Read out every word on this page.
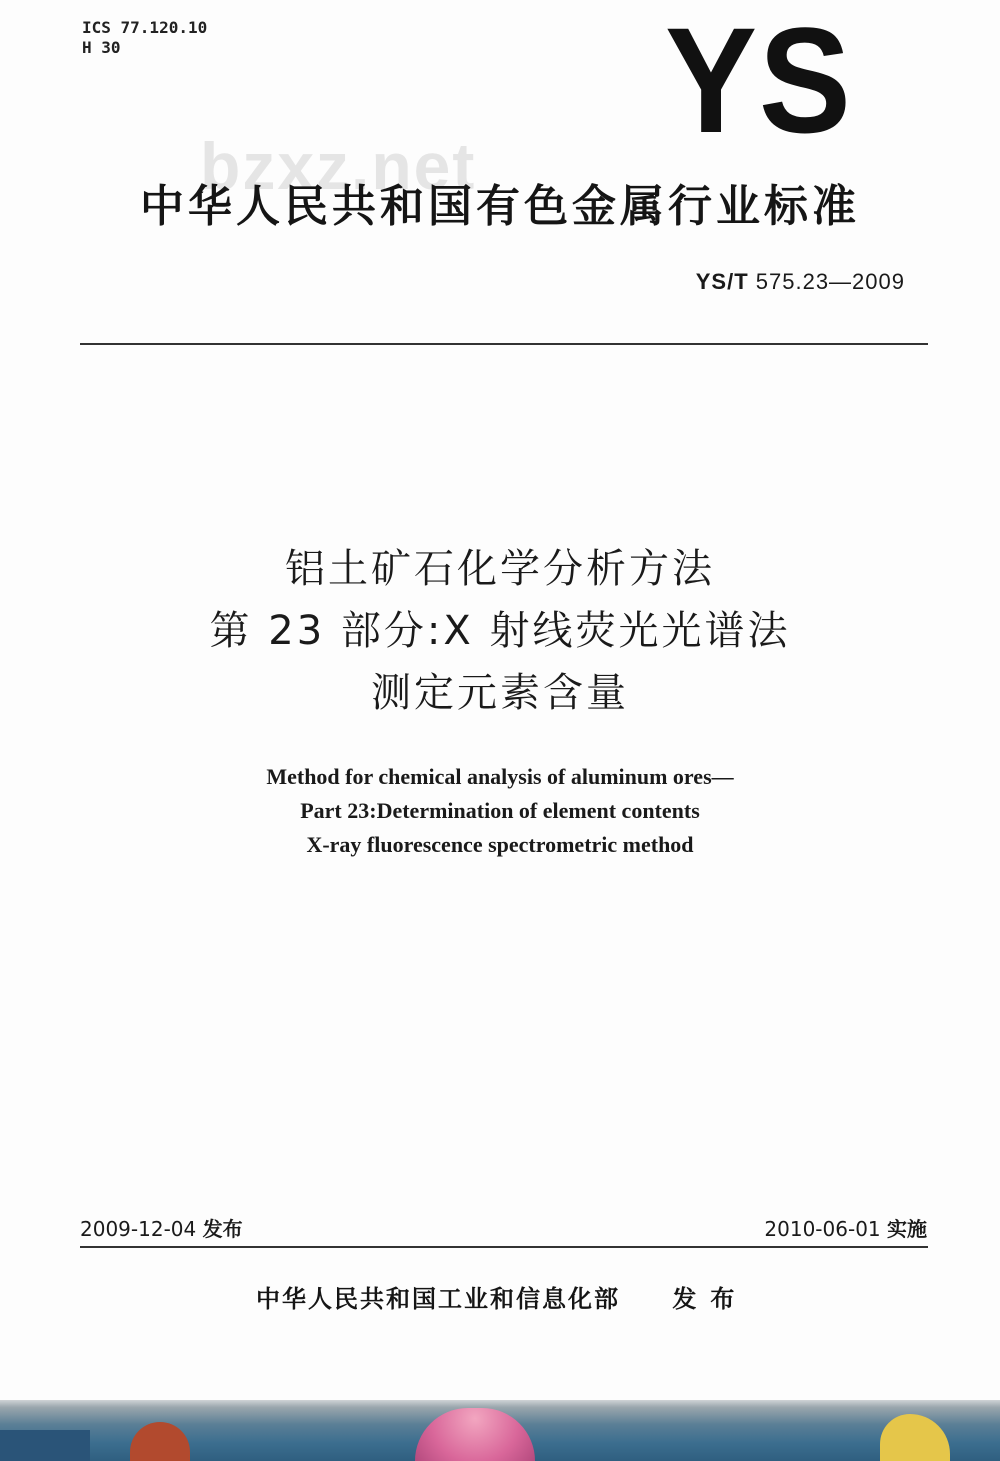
ICS 77.120.10
H 30	YS
bzxz.net
中华人民共和国有色金属行业标准
YS/T 575.23—2009
铝土矿石化学分析方法
第 23 部分:X 射线荧光光谱法
测定元素含量
Method for chemical analysis of aluminum ores—
Part 23:Determination of element contents
X-ray fluorescence spectrometric method
2009-12-04 发布	2010-06-01 实施
中华人民共和国工业和信息化部 发布
